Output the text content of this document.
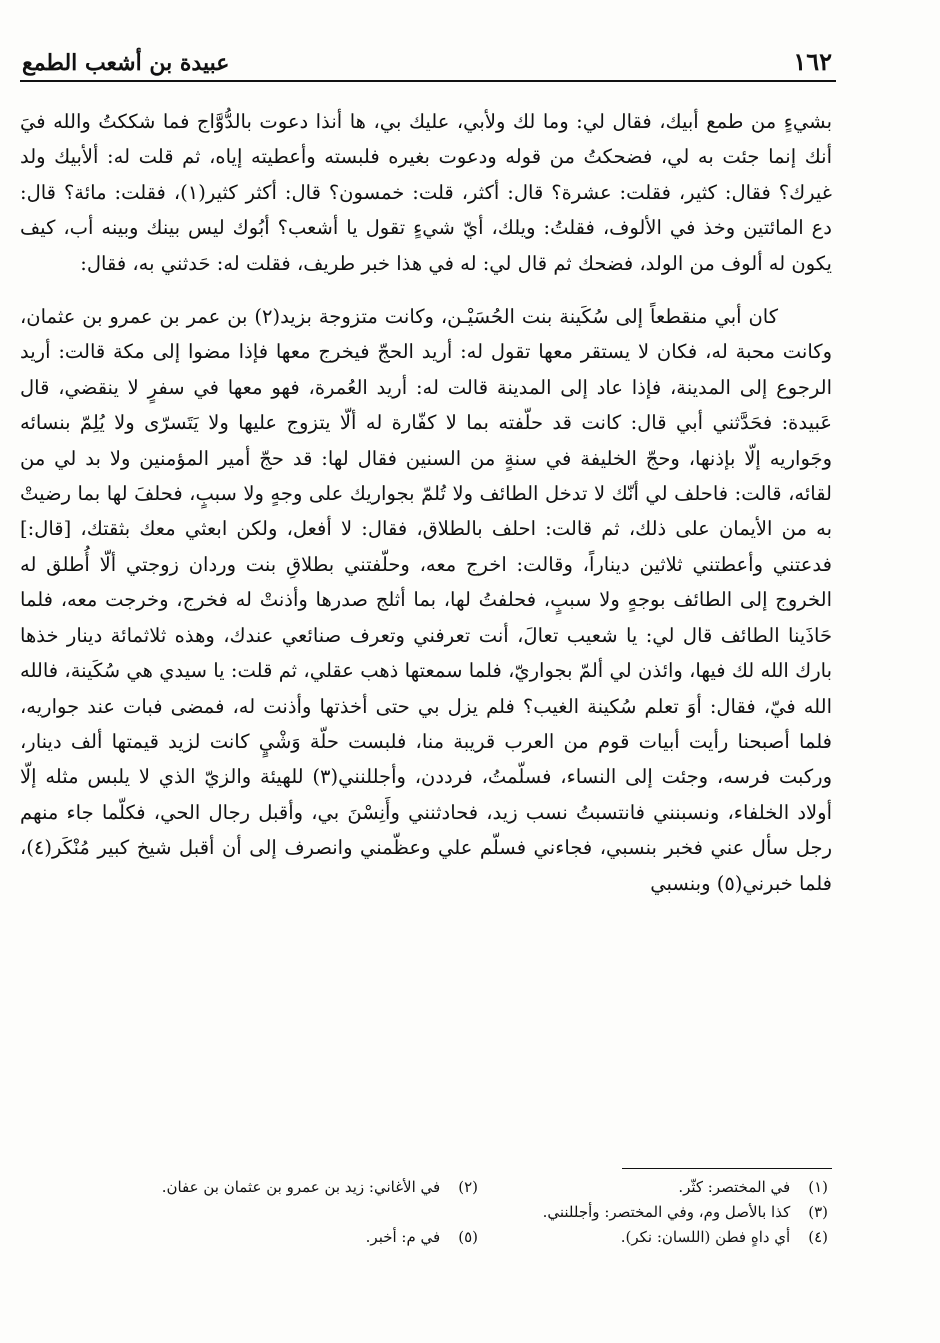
١٦٢
عبيدة بن أشعب الطمع

بشيءٍ من طمع أبيك، فقال لي: وما لك ولأبي، عليك بي، ها أنذا دعوت بالدُّوَّاج فما شككتُ والله فيَ أنك إنما جئت به لي، فضحكتُ من قوله ودعوت بغيره فلبسته وأعطيته إياه، ثم قلت له: ألأبيك ولد غيرك؟ فقال: كثير، فقلت: عشرة؟ قال: أكثر، قلت: خمسون؟ قال: أكثر كثير(١)، فقلت: مائة؟ قال: دع المائتين وخذ في الألوف، فقلتُ: ويلك، أيّ شيءٍ تقول يا أشعب؟ أبُوك ليس بينك وبينه أب، كيف يكون له ألوف من الولد، فضحك ثم قال لي: له في هذا خبر طريف، فقلت له: حَدثني به، فقال:

كان أبي منقطعاً إلى سُكَينة بنت الحُسَيْـن، وكانت متزوجة بزيد(٢) بن عمر بن عمرو بن عثمان، وكانت محبة له، فكان لا يستقر معها تقول له: أريد الحجّ فيخرج معها فإذا مضوا إلى مكة قالت: أريد الرجوع إلى المدينة، فإذا عاد إلى المدينة قالت له: أريد العُمرة، فهو معها في سفرٍ لا ينقضي، قال عَبيدة: فحَدَّثني أبي قال: كانت قد حلّفته بما لا كفّارة له ألّا يتزوج عليها ولا يَتَسرّى ولا يُلِمّ بنسائه وجَواريه إلّا بإذنها، وحجّ الخليفة في سنةٍ من السنين فقال لها: قد حجّ أمير المؤمنين ولا بد لي من لقائه، قالت: فاحلف لي أنّك لا تدخل الطائف ولا تُلمّ بجواريك على وجهٍ ولا سببٍ، فحلفَ لها بما رضيتْ به من الأيمان على ذلك، ثم قالت: احلف بالطلاق، فقال: لا أفعل، ولكن ابعثي معك بثقتك، [قال:] فدعتني وأعطتني ثلاثين ديناراً، وقالت: اخرج معه، وحلّفتني بطلاقِ بنت وردان زوجتي ألّا أُطلق له الخروج إلى الطائف بوجهٍ ولا سببٍ، فحلفتُ لها، بما أثلج صدرها وأذنتْ له فخرج، وخرجت معه، فلما حَاذَينا الطائف قال لي: يا شعيب تعالَ، أنت تعرفني وتعرف صنائعي عندك، وهذه ثلاثمائة دينار خذها بارك الله لك فيها، وائذن لي ألمّ بجواريّ، فلما سمعتها ذهب عقلي، ثم قلت: يا سيدي هي سُكَينة، فالله الله فيّ، فقال: أوَ تعلم سُكينة الغيب؟ فلم يزل بي حتى أخذتها وأذنت له، فمضى فبات عند جواريه، فلما أصبحنا رأيت أبيات قوم من العرب قريبة منا، فلبست حلّة وَشْيٍ كانت لزيد قيمتها ألف دينار، وركبت فرسه، وجئت إلى النساء، فسلّمتُ، فرددن، وأجللنني(٣) للهيئة والزيّ الذي لا يلبس مثله إلّا أولاد الخلفاء، ونسبنني فانتسبتُ نسب زيد، فحادثنني وأَنِسْنَ بي، وأقبل رجال الحي، فكلّما جاء منهم رجل سأل عني فخبر بنسبي، فجاءني فسلّم علي وعظّمني وانصرف إلى أن أقبل شيخ كبير مُنْكَر(٤)، فلما خبرني(٥) وبنسبي

(١)في المختصر: كثّر.
(٢)في الأغاني: زيد بن عمرو بن عثمان بن عفان.
(٣)كذا بالأصل وم، وفي المختصر: وأجللنني.
(٤)أي داهٍ فطن (اللسان: نكر).
(٥)في م: أخبر.
